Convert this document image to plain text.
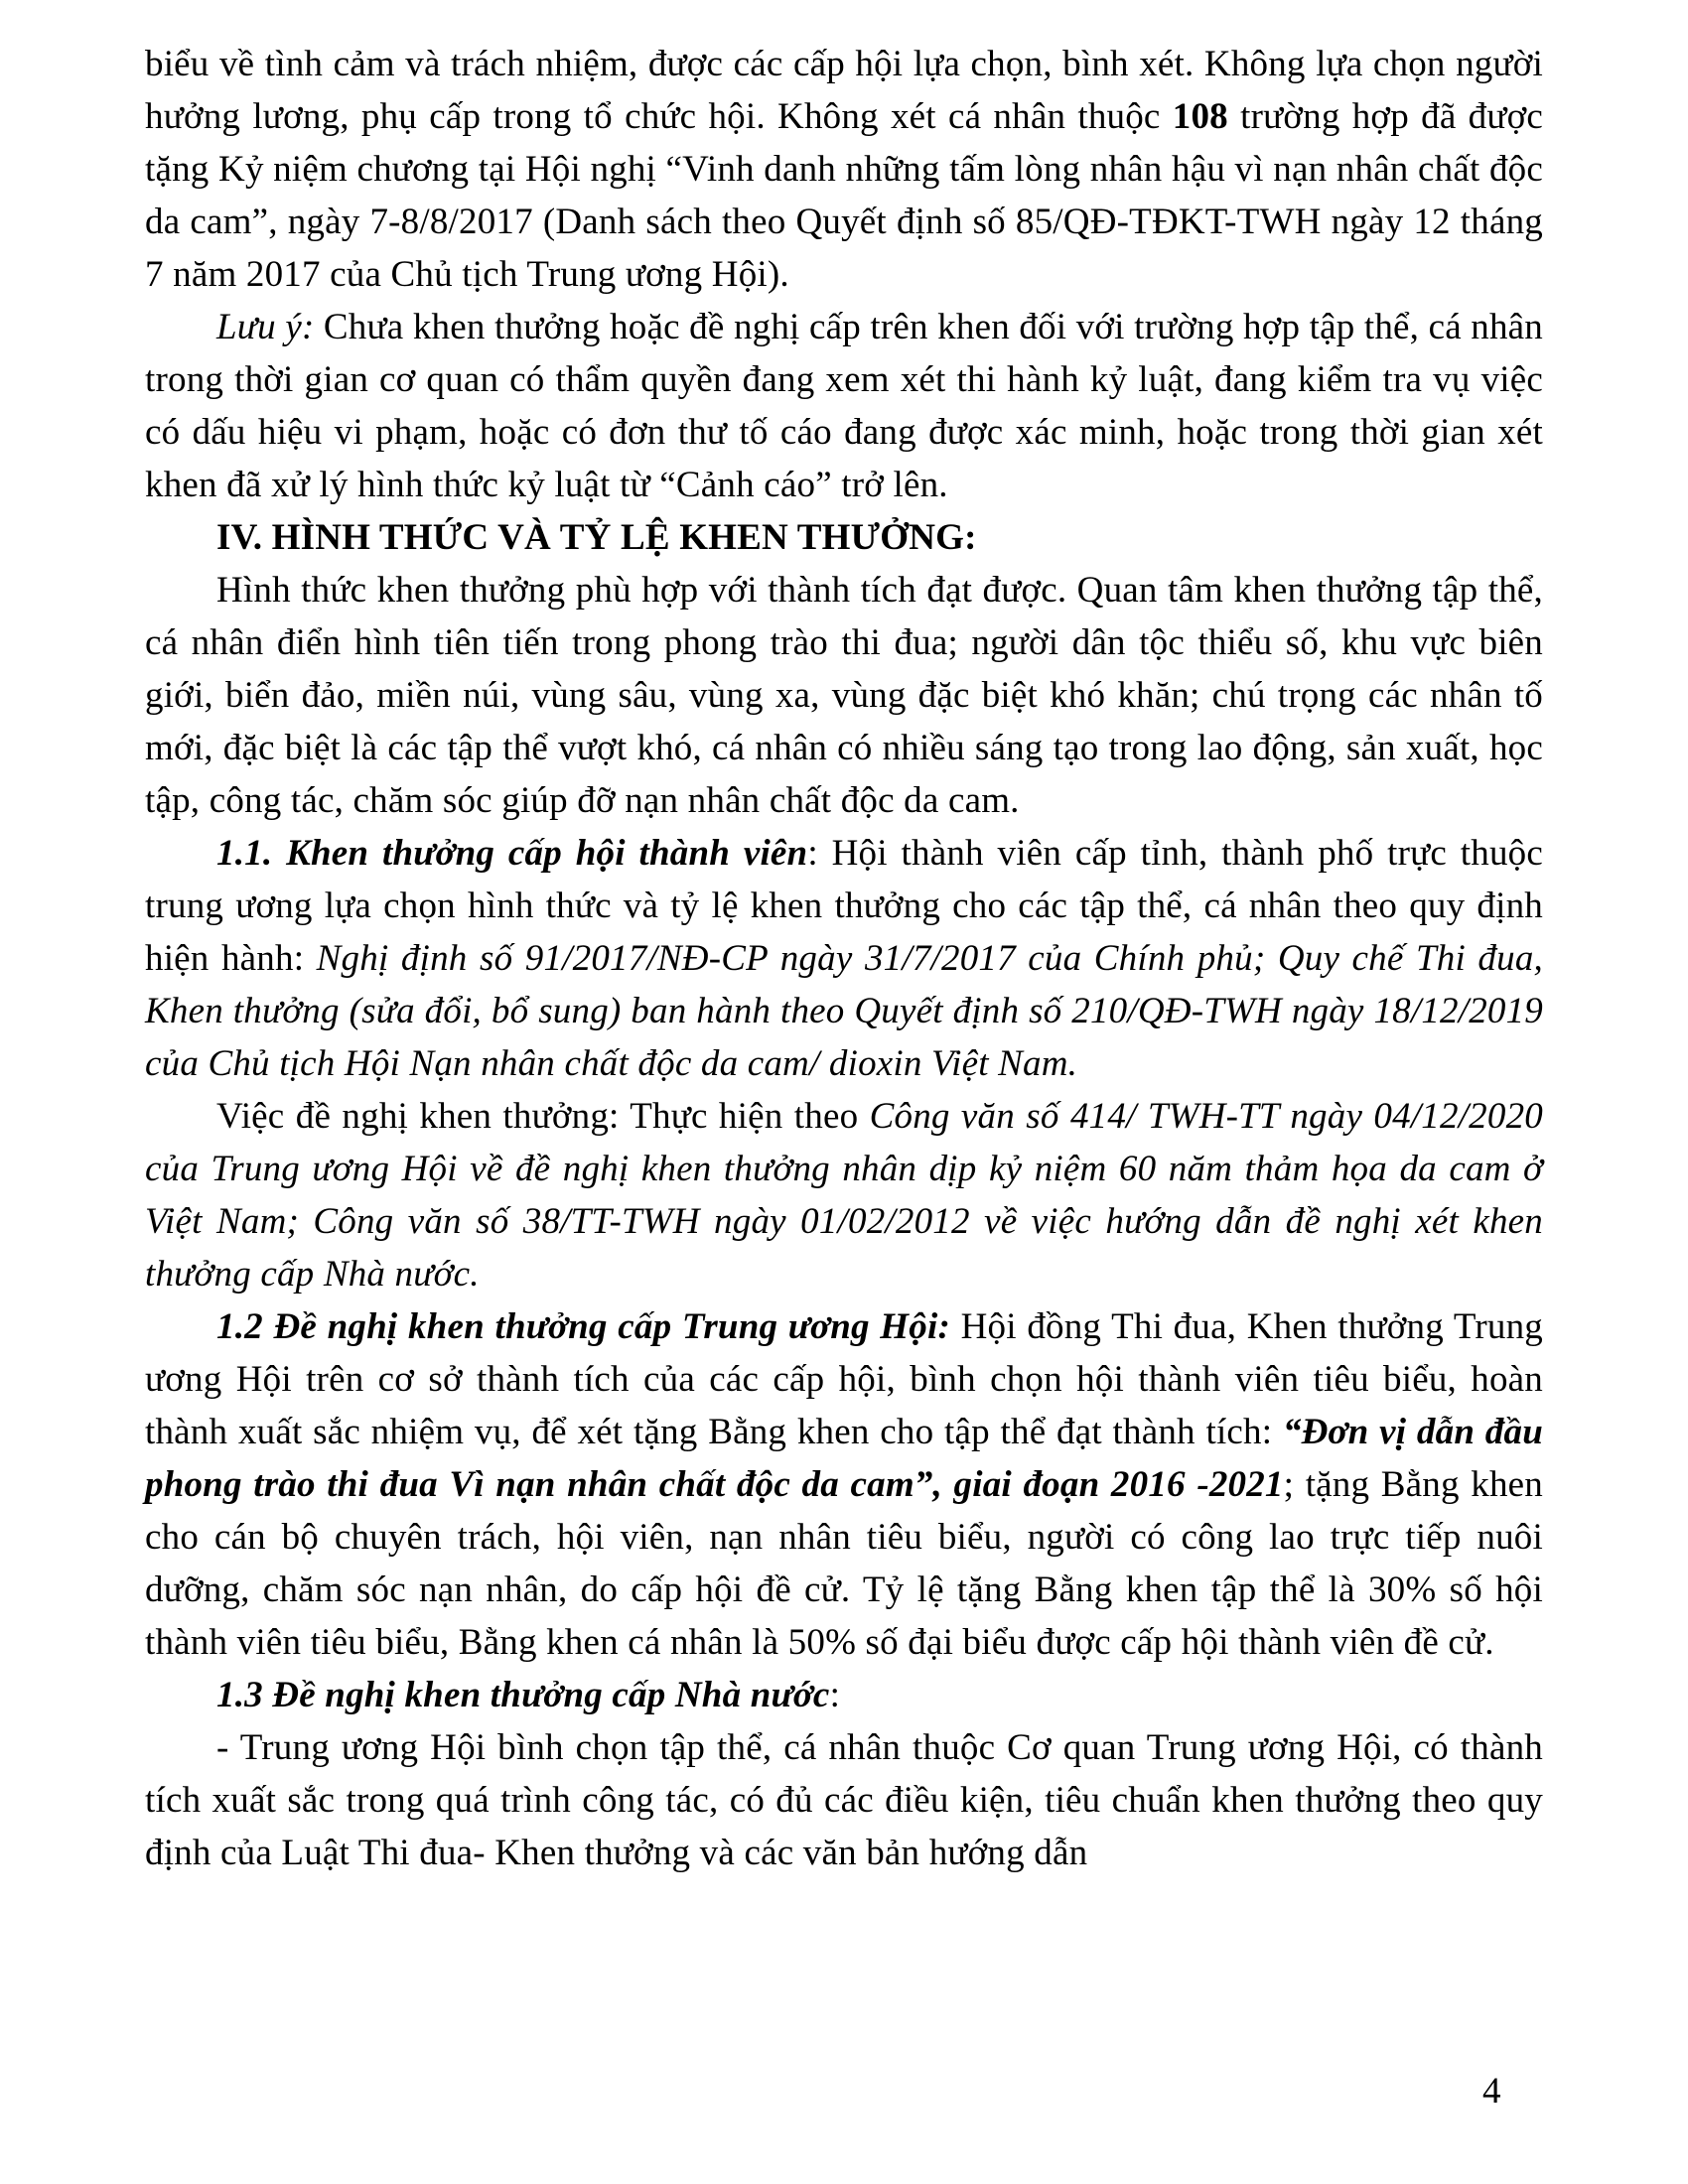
biểu về tình cảm và trách nhiệm, được các cấp hội lựa chọn, bình xét. Không lựa chọn người hưởng lương, phụ cấp trong tổ chức hội. Không xét cá nhân thuộc 108 trường hợp đã được tặng Kỷ niệm chương tại Hội nghị “Vinh danh những tấm lòng nhân hậu vì nạn nhân chất độc da cam”, ngày 7-8/8/2017 (Danh sách theo Quyết định số 85/QĐ-TĐKT-TWH ngày 12 tháng 7 năm 2017 của Chủ tịch Trung ương Hội).

Lưu ý: Chưa khen thưởng hoặc đề nghị cấp trên khen đối với trường hợp tập thể, cá nhân trong thời gian cơ quan có thẩm quyền đang xem xét thi hành kỷ luật, đang kiểm tra vụ việc có dấu hiệu vi phạm, hoặc có đơn thư tố cáo đang được xác minh, hoặc trong thời gian xét khen đã xử lý hình thức kỷ luật từ “Cảnh cáo” trở lên.

IV. HÌNH THỨC VÀ TỶ LỆ KHEN THƯỞNG:

Hình thức khen thưởng phù hợp với thành tích đạt được. Quan tâm khen thưởng tập thể, cá nhân điển hình tiên tiến trong phong trào thi đua; người dân tộc thiểu số, khu vực biên giới, biển đảo, miền núi, vùng sâu, vùng xa, vùng đặc biệt khó khăn; chú trọng các nhân tố mới, đặc biệt là các tập thể vượt khó, cá nhân có nhiều sáng tạo trong lao động, sản xuất, học tập, công tác, chăm sóc giúp đỡ nạn nhân chất độc da cam.

1.1. Khen thưởng cấp hội thành viên: Hội thành viên cấp tỉnh, thành phố trực thuộc trung ương lựa chọn hình thức và tỷ lệ khen thưởng cho các tập thể, cá nhân theo quy định hiện hành: Nghị định số 91/2017/NĐ-CP ngày 31/7/2017 của Chính phủ; Quy chế Thi đua, Khen thưởng (sửa đổi, bổ sung) ban hành theo Quyết định số 210/QĐ-TWH ngày 18/12/2019 của Chủ tịch Hội Nạn nhân chất độc da cam/ dioxin Việt Nam.

Việc đề nghị khen thưởng: Thực hiện theo Công văn số 414/ TWH-TT ngày 04/12/2020 của Trung ương Hội về đề nghị khen thưởng nhân dịp kỷ niệm 60 năm thảm họa da cam ở Việt Nam; Công văn số 38/TT-TWH ngày 01/02/2012 về việc hướng dẫn đề nghị xét khen thưởng cấp Nhà nước.

1.2 Đề nghị khen thưởng cấp Trung ương Hội: Hội đồng Thi đua, Khen thưởng Trung ương Hội trên cơ sở thành tích của các cấp hội, bình chọn hội thành viên tiêu biểu, hoàn thành xuất sắc nhiệm vụ, để xét tặng Bằng khen cho tập thể đạt thành tích: “Đơn vị dẫn đầu phong trào thi đua Vì nạn nhân chất độc da cam”, giai đoạn 2016 -2021; tặng Bằng khen cho cán bộ chuyên trách, hội viên, nạn nhân tiêu biểu, người có công lao trực tiếp nuôi dưỡng, chăm sóc nạn nhân, do cấp hội đề cử. Tỷ lệ tặng Bằng khen tập thể là 30% số hội thành viên tiêu biểu, Bằng khen cá nhân là 50% số đại biểu được cấp hội thành viên đề cử.

1.3 Đề nghị khen thưởng cấp Nhà nước:

- Trung ương Hội bình chọn tập thể, cá nhân thuộc Cơ quan Trung ương Hội, có thành tích xuất sắc trong quá trình công tác, có đủ các điều kiện, tiêu chuẩn khen thưởng theo quy định của Luật Thi đua- Khen thưởng và các văn bản hướng dẫn

4
